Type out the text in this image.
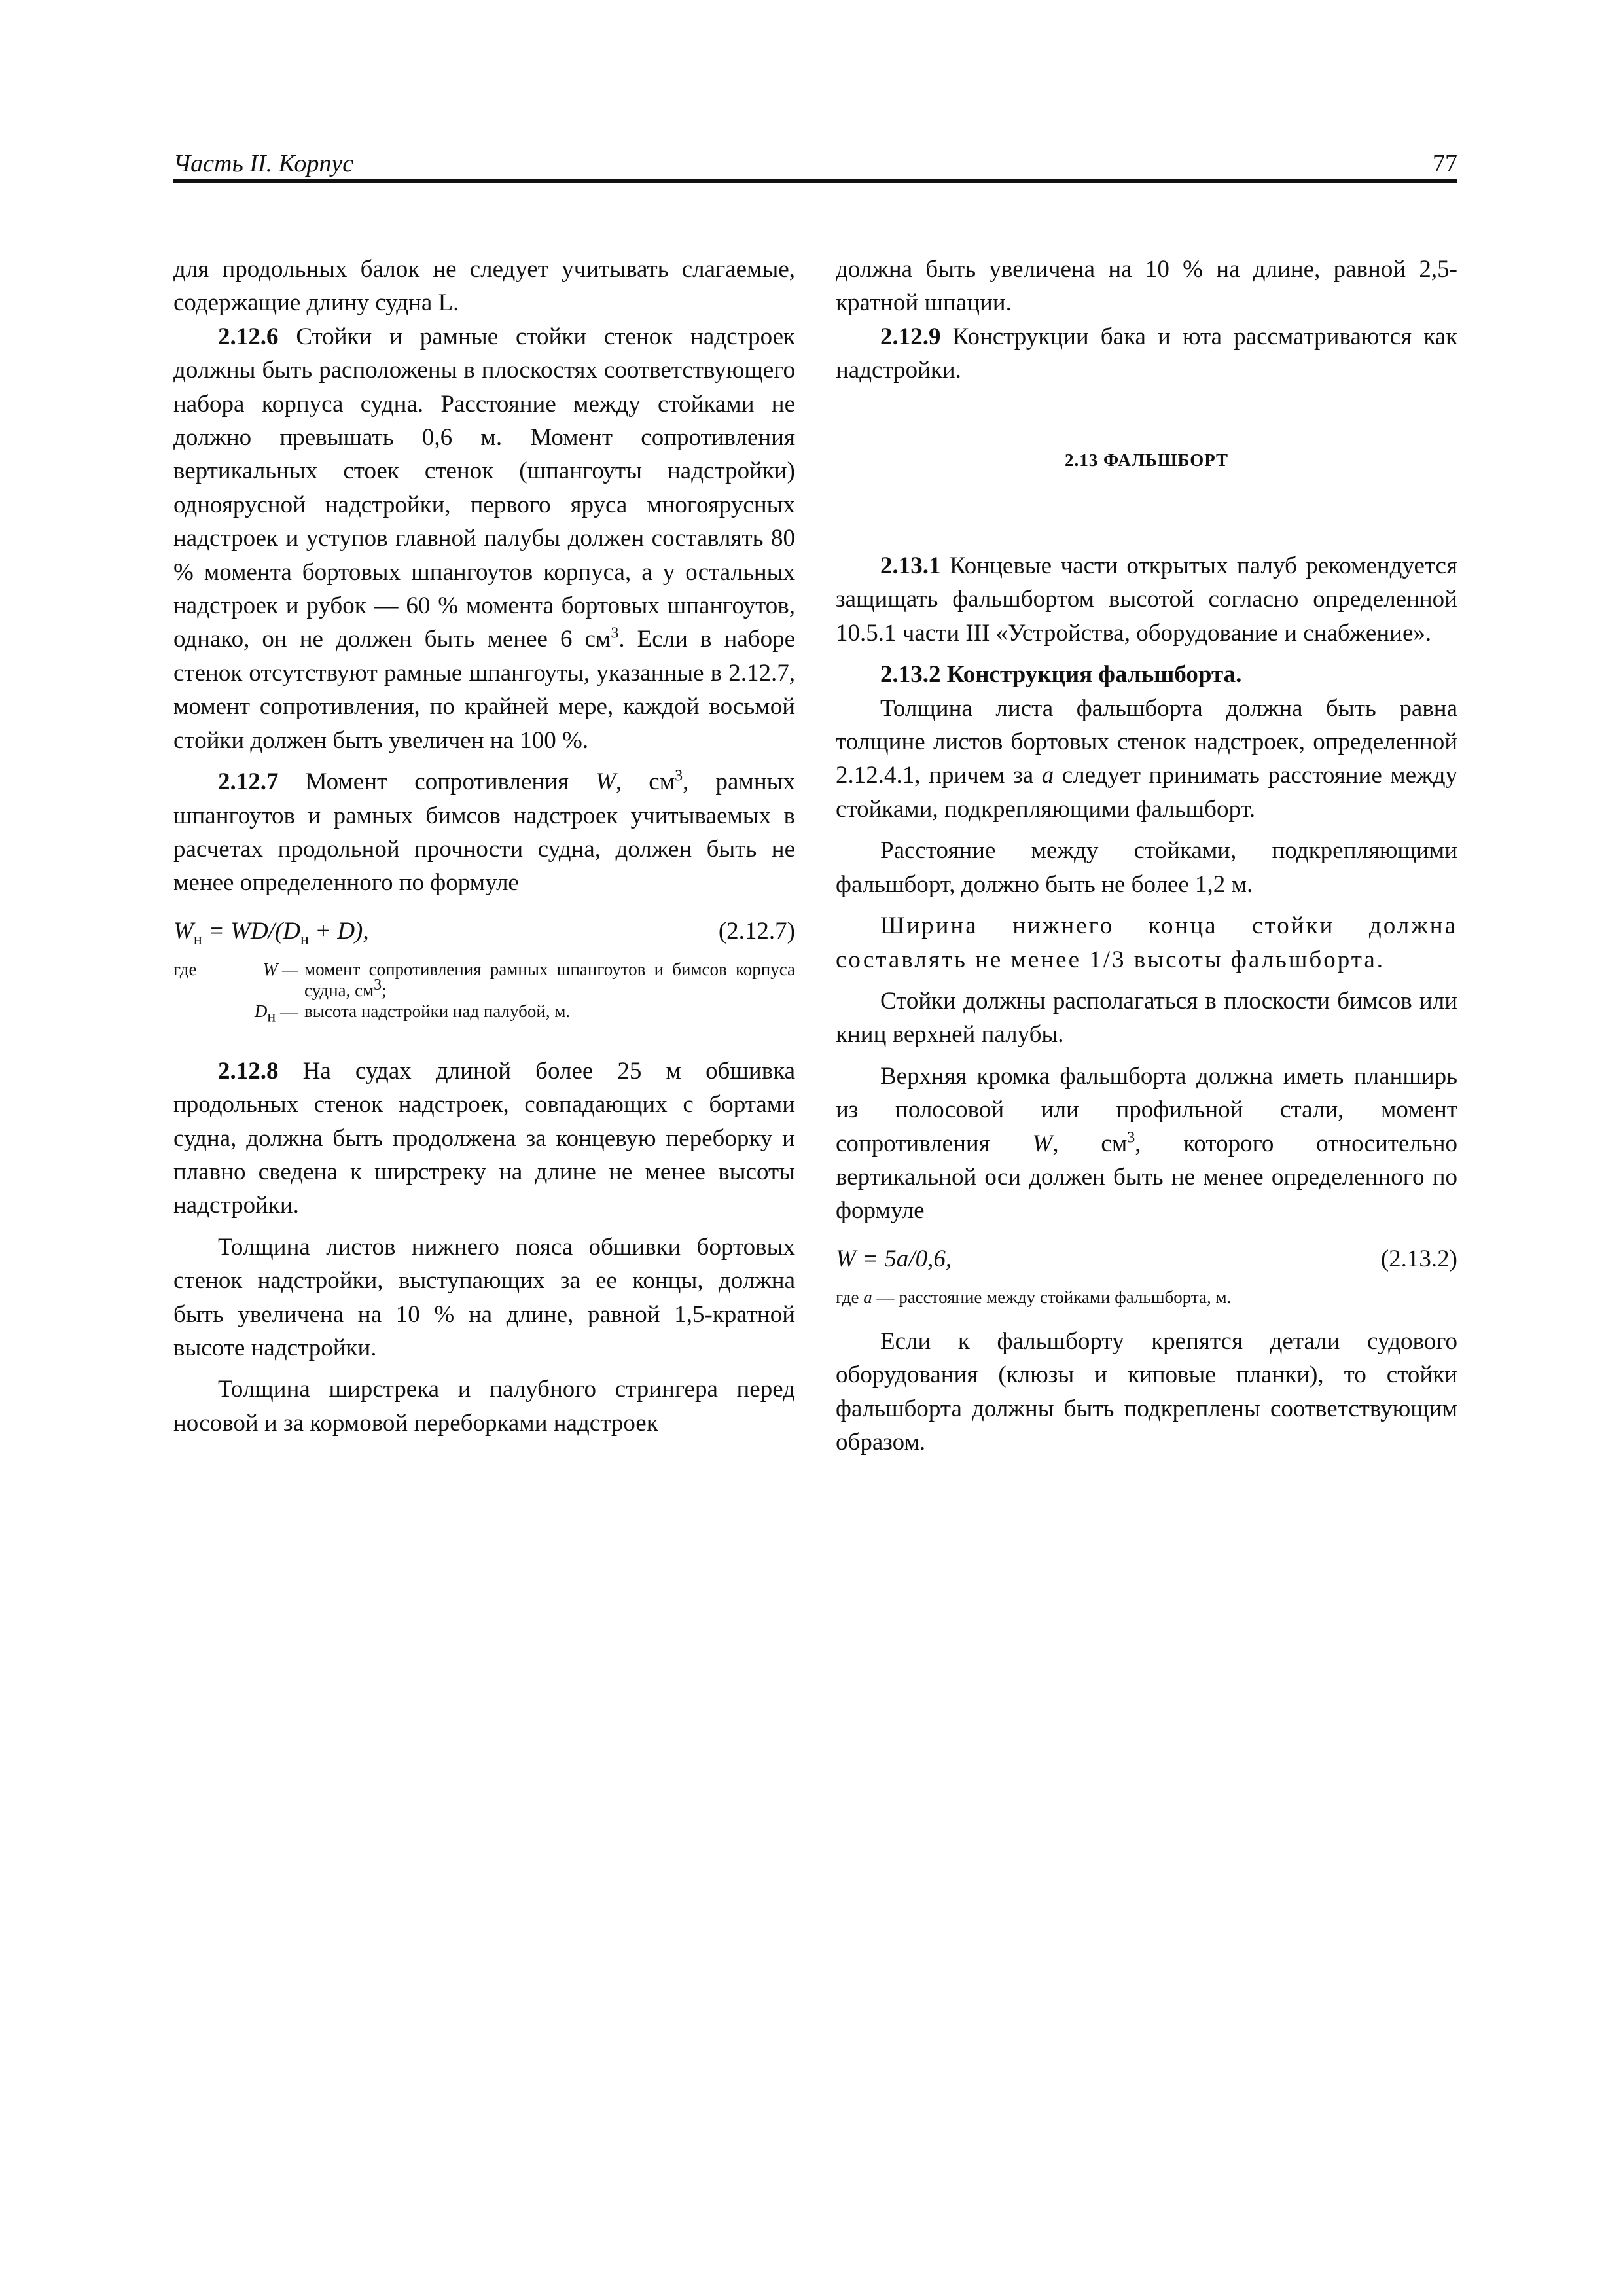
Часть II. Корпус	77

для продольных балок не следует учитывать слагаемые, содержащие длину судна L.

2.12.6 Стойки и рамные стойки стенок надстроек должны быть расположены в плоскостях соответствующего набора корпуса судна. Расстояние между стойками не должно превышать 0,6 м. Момент сопротивления вертикальных стоек стенок (шпангоуты надстройки) одноярусной надстройки, первого яруса многоярусных надстроек и уступов главной палубы должен составлять 80 % момента бортовых шпангоутов корпуса, а у остальных надстроек и рубок — 60 % момента бортовых шпангоутов, однако, он не должен быть менее 6 $см^3$. Если в наборе стенок отсутствуют рамные шпангоуты, указанные в 2.12.7, момент сопротивления, по крайней мере, каждой восьмой стойки должен быть увеличен на 100 %.

2.12.7 Момент сопротивления W, $см^3$, рамных шпангоутов и рамных бимсов надстроек учитываемых в расчетах продольной прочности судна, должен быть не менее определенного по формуле

$W_н = WD/(D_н + D)$,	(2.12.7)
где	W — момент сопротивления рамных шпангоутов и бимсов корпуса судна, $см^3$;
$D_н$ — высота надстройки над палубой, м.

2.12.8 На судах длиной более 25 м обшивка продольных стенок надстроек, совпадающих с бортами судна, должна быть продолжена за концевую переборку и плавно сведена к ширстреку на длине не менее высоты надстройки.

Толщина листов нижнего пояса обшивки бортовых стенок надстройки, выступающих за ее концы, должна быть увеличена на 10 % на длине, равной 1,5-кратной высоте надстройки.

Толщина ширстрека и палубного стрингера перед носовой и за кормовой переборками надстроек

должна быть увеличена на 10 % на длине, равной 2,5-кратной шпации.

2.12.9 Конструкции бака и юта рассматриваются как надстройки.

2.13 ФАЛЬШБОРТ

2.13.1 Концевые части открытых палуб рекомендуется защищать фальшбортом высотой согласно определенной 10.5.1 части III «Устройства, оборудование и снабжение».

2.13.2 Конструкция фальшборта.

Толщина листа фальшборта должна быть равна толщине листов бортовых стенок надстроек, определенной 2.12.4.1, причем за a следует принимать расстояние между стойками, подкрепляющими фальшборт.

Расстояние между стойками, подкрепляющими фальшборт, должно быть не более 1,2 м.

Ширина нижнего конца стойки должна составлять не менее 1/3 высоты фальшборта.

Стойки должны располагаться в плоскости бимсов или книц верхней палубы.

Верхняя кромка фальшборта должна иметь планширь из полосовой или профильной стали, момент сопротивления W, $см^3$, которого относительно вертикальной оси должен быть не менее определенного по формуле

W = 5a/0,6,	(2.13.2)
где a — расстояние между стойками фальшборта, м.

Если к фальшборту крепятся детали судового оборудования (клюзы и киповые планки), то стойки фальшборта должны быть подкреплены соответствующим образом.
